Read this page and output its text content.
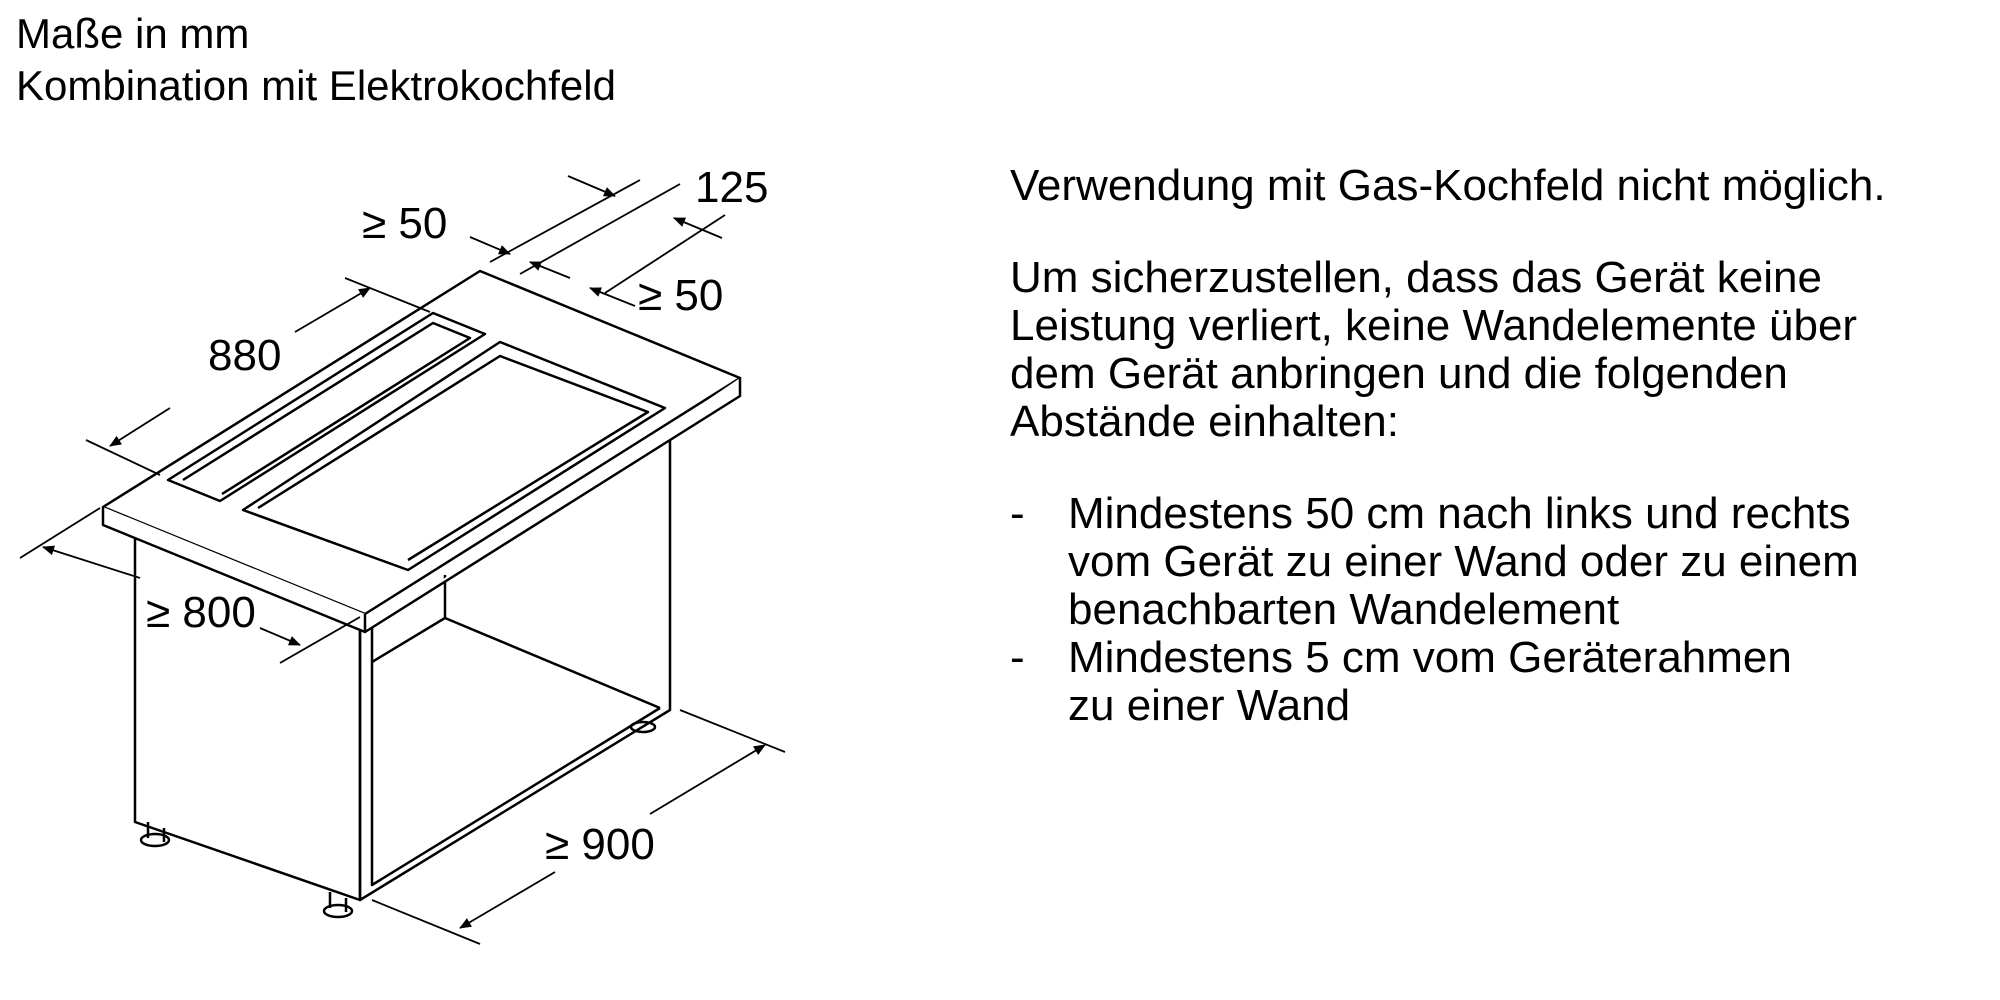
Maße in mm
Kombination mit Elektrokochfeld
880
125
≥ 50
≥ 50
≥ 800
≥ 900

Verwendung mit Gas-Kochfeld nicht möglich.

Um sicherzustellen, dass das Gerät keine
Leistung verliert, keine Wandelemente über
dem Gerät anbringen und die folgenden
Abstände einhalten:
- Mindestens 50 cm nach links und rechts
vom Gerät zu einer Wand oder zu einem
benachbarten Wandelement
- Mindestens 5 cm vom Geräterahmen
zu einer Wand
